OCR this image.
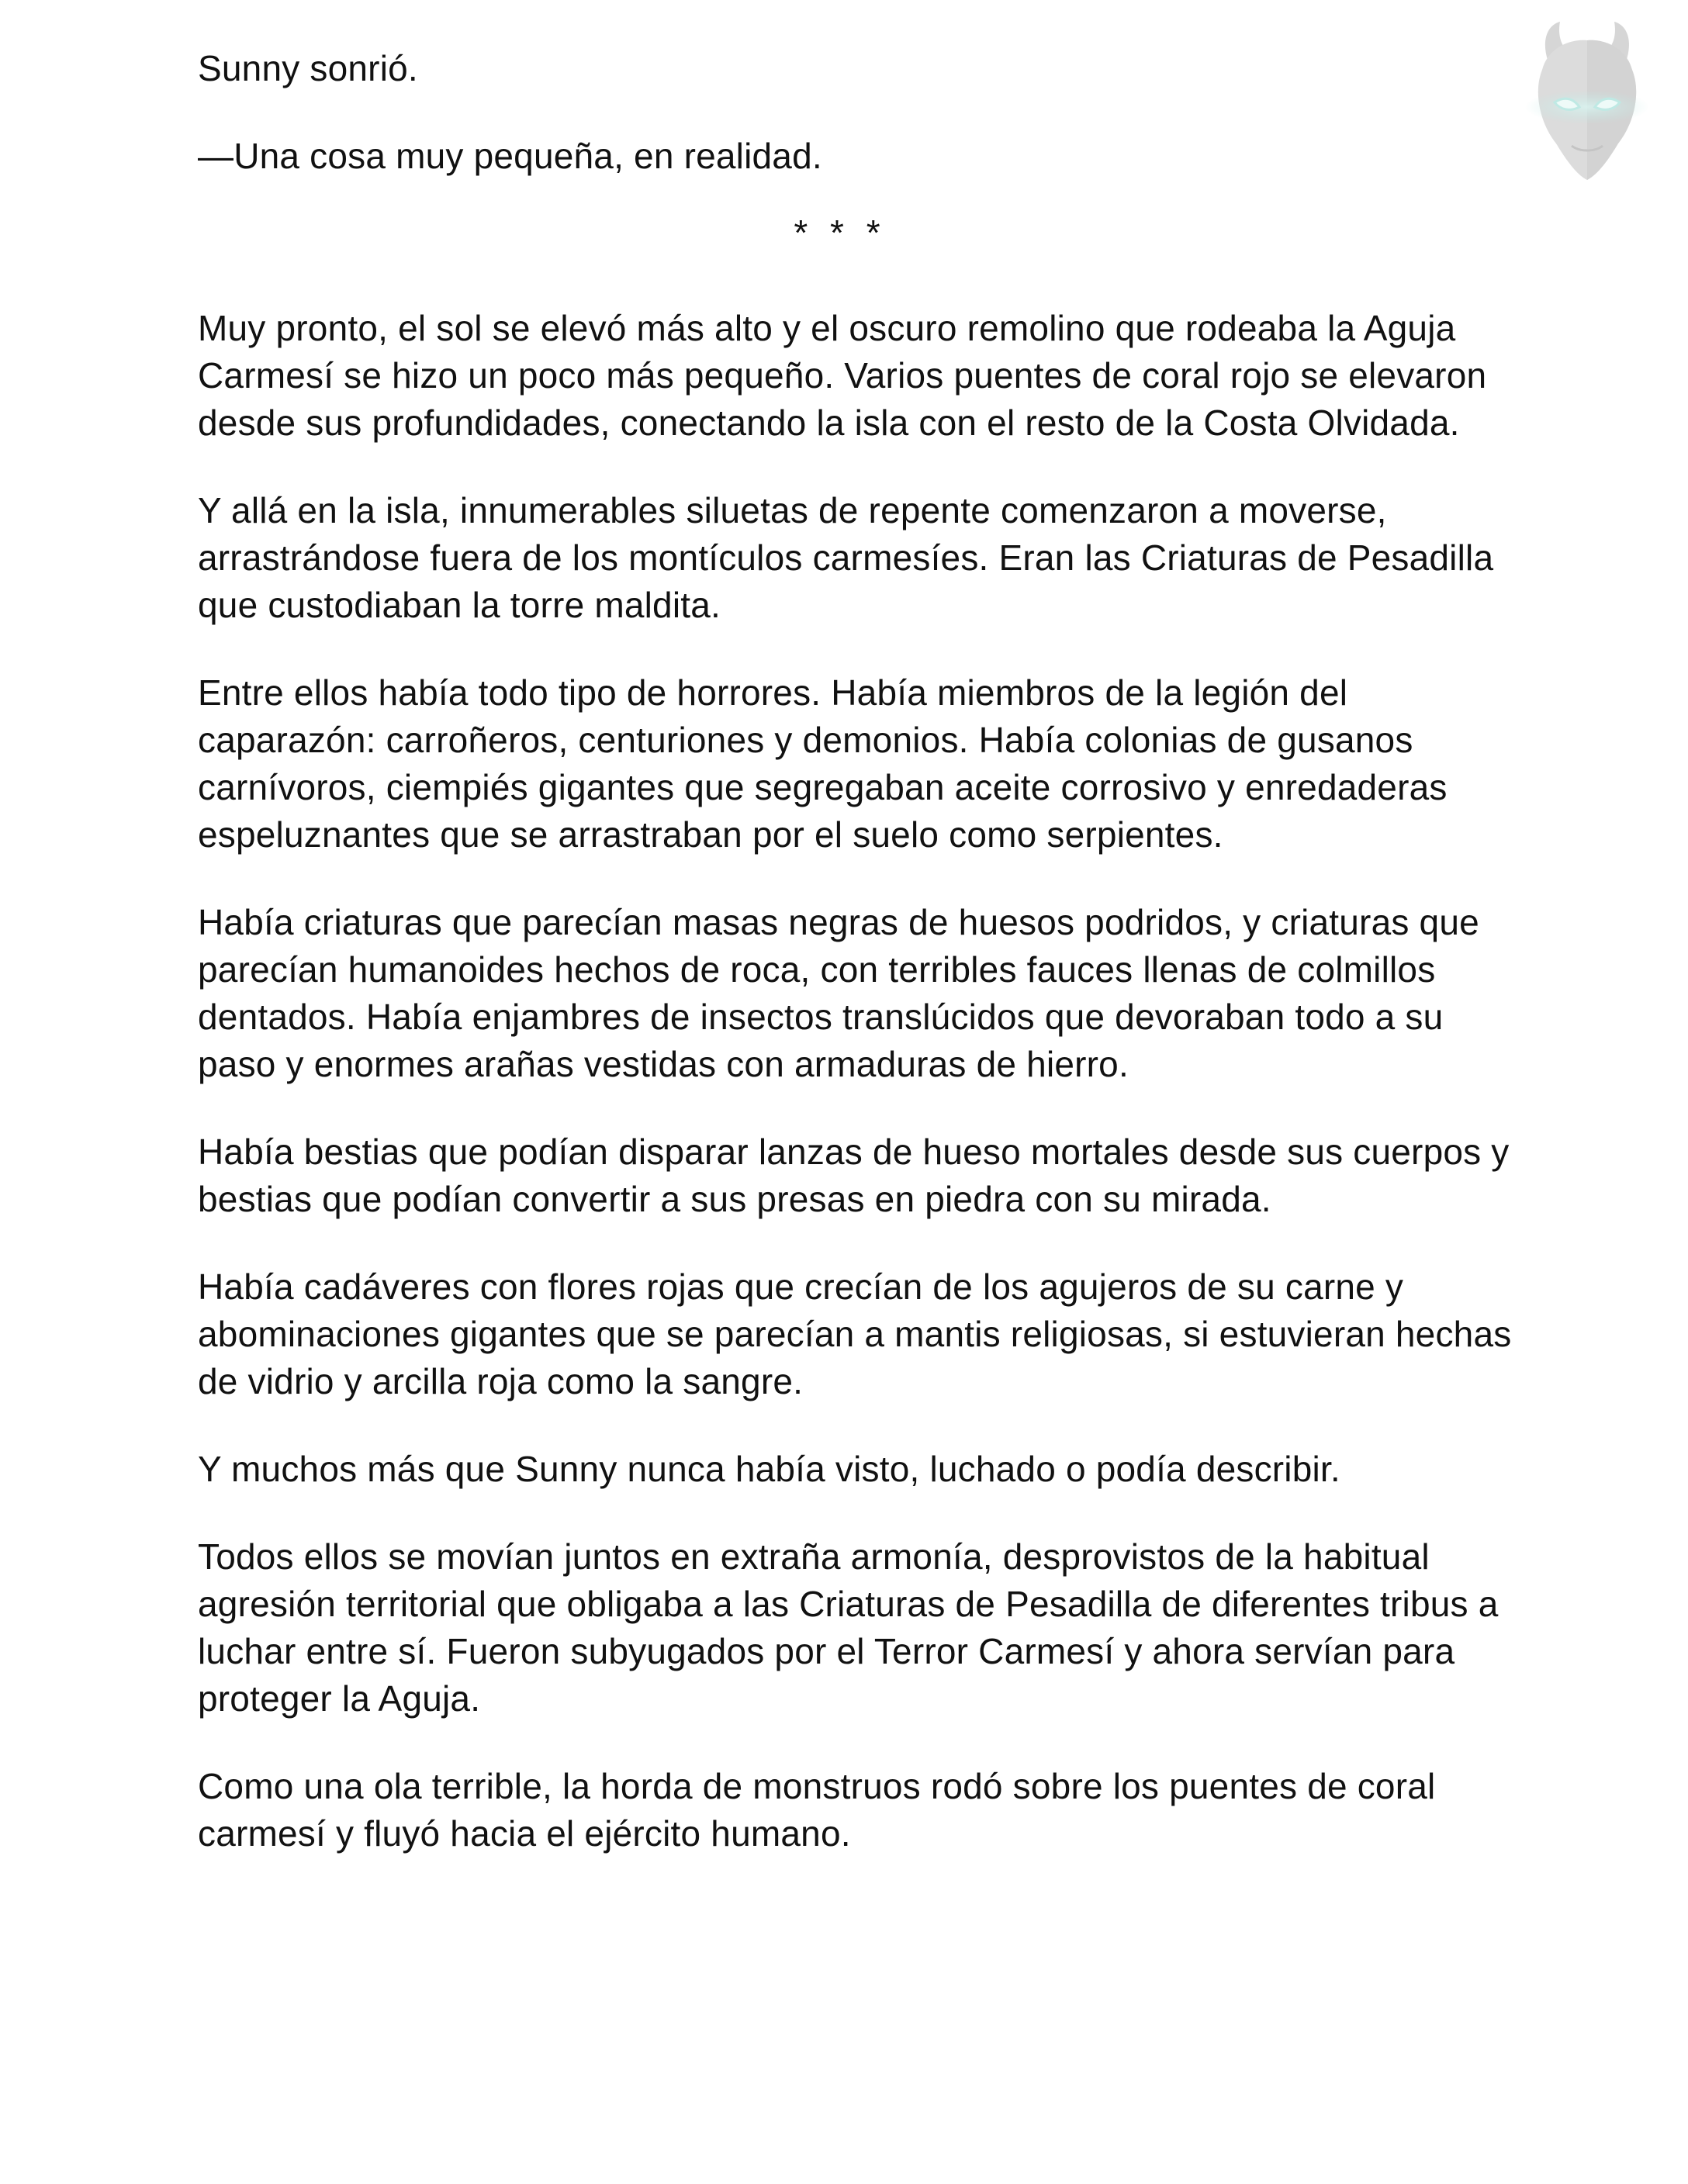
Sunny sonrió.

—Una cosa muy pequeña, en realidad.

* * *

Muy pronto, el sol se elevó más alto y el oscuro remolino que rodeaba la Aguja Carmesí se hizo un poco más pequeño. Varios puentes de coral rojo se elevaron desde sus profundidades, conectando la isla con el resto de la Costa Olvidada.

Y allá en la isla, innumerables siluetas de repente comenzaron a moverse, arrastrándose fuera de los montículos carmesíes. Eran las Criaturas de Pesadilla que custodiaban la torre maldita.

Entre ellos había todo tipo de horrores. Había miembros de la legión del caparazón: carroñeros, centuriones y demonios. Había colonias de gusanos carnívoros, ciempiés gigantes que segregaban aceite corrosivo y enredaderas espeluznantes que se arrastraban por el suelo como serpientes.

Había criaturas que parecían masas negras de huesos podridos, y criaturas que parecían humanoides hechos de roca, con terribles fauces llenas de colmillos dentados. Había enjambres de insectos translúcidos que devoraban todo a su paso y enormes arañas vestidas con armaduras de hierro.

Había bestias que podían disparar lanzas de hueso mortales desde sus cuerpos y bestias que podían convertir a sus presas en piedra con su mirada.

Había cadáveres con flores rojas que crecían de los agujeros de su carne y abominaciones gigantes que se parecían a mantis religiosas, si estuvieran hechas de vidrio y arcilla roja como la sangre.

Y muchos más que Sunny nunca había visto, luchado o podía describir.

Todos ellos se movían juntos en extraña armonía, desprovistos de la habitual agresión territorial que obligaba a las Criaturas de Pesadilla de diferentes tribus a luchar entre sí. Fueron subyugados por el Terror Carmesí y ahora servían para proteger la Aguja.

Como una ola terrible, la horda de monstruos rodó sobre los puentes de coral carmesí y fluyó hacia el ejército humano.
